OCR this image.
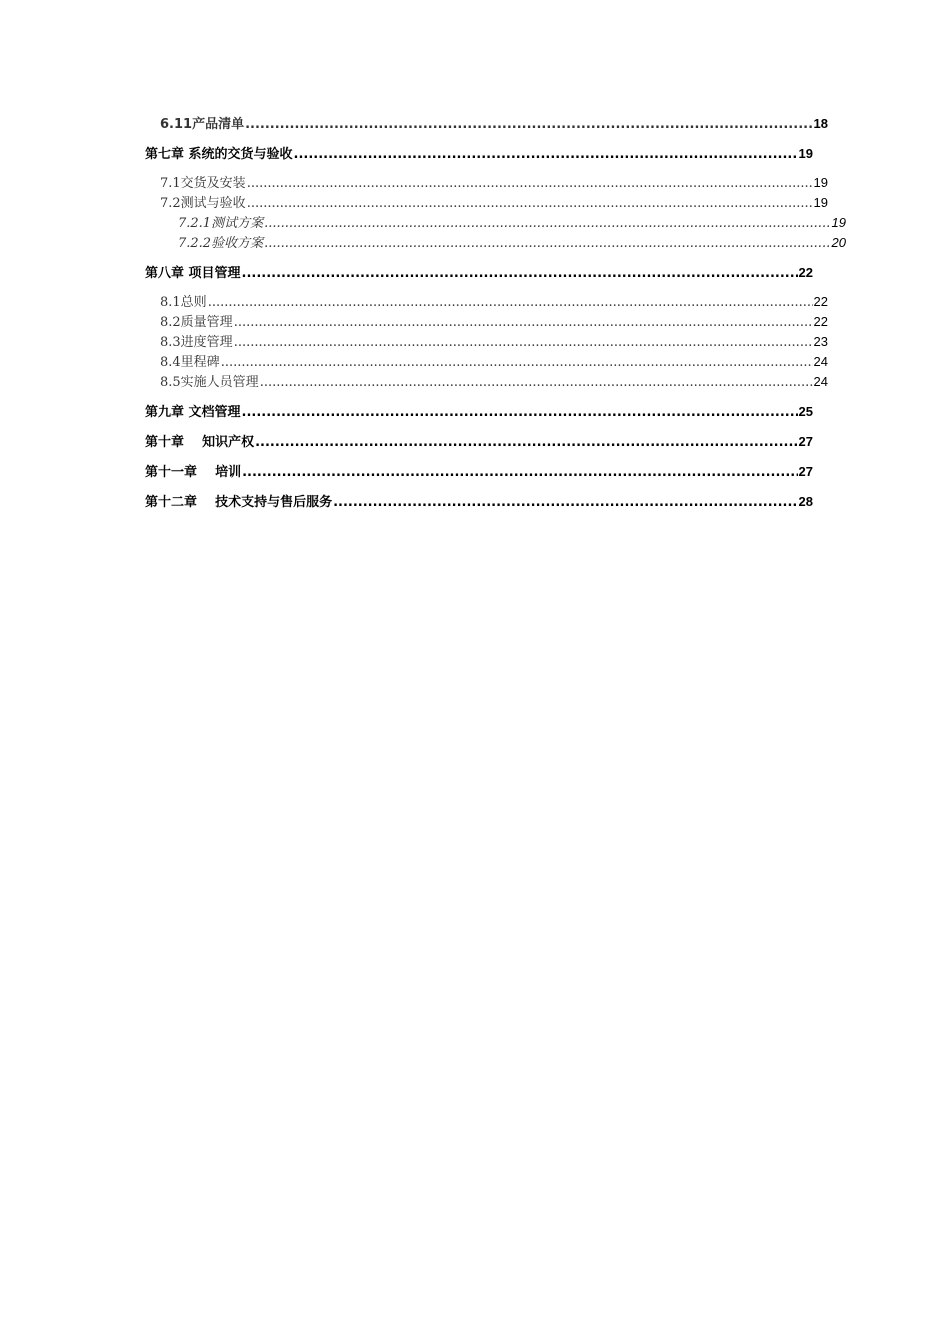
6.11产品清单 .....	18
第七章 系统的交货与验收 .....	19
7.1交货及安装 .....	19
7.2测试与验收 .....	19
7.2.1测试方案 .....	19
7.2.2验收方案 .....	20
第八章 项目管理 .....	22
8.1总则 .....	22
8.2质量管理 .....	22
8.3进度管理 .....	23
8.4里程碑 .....	24
8.5实施人员管理 .....	24
第九章 文档管理 .....	25
第十章    知识产权 .....	27
第十一章    培训 .....	27
第十二章    技术支持与售后服务 .....	28
